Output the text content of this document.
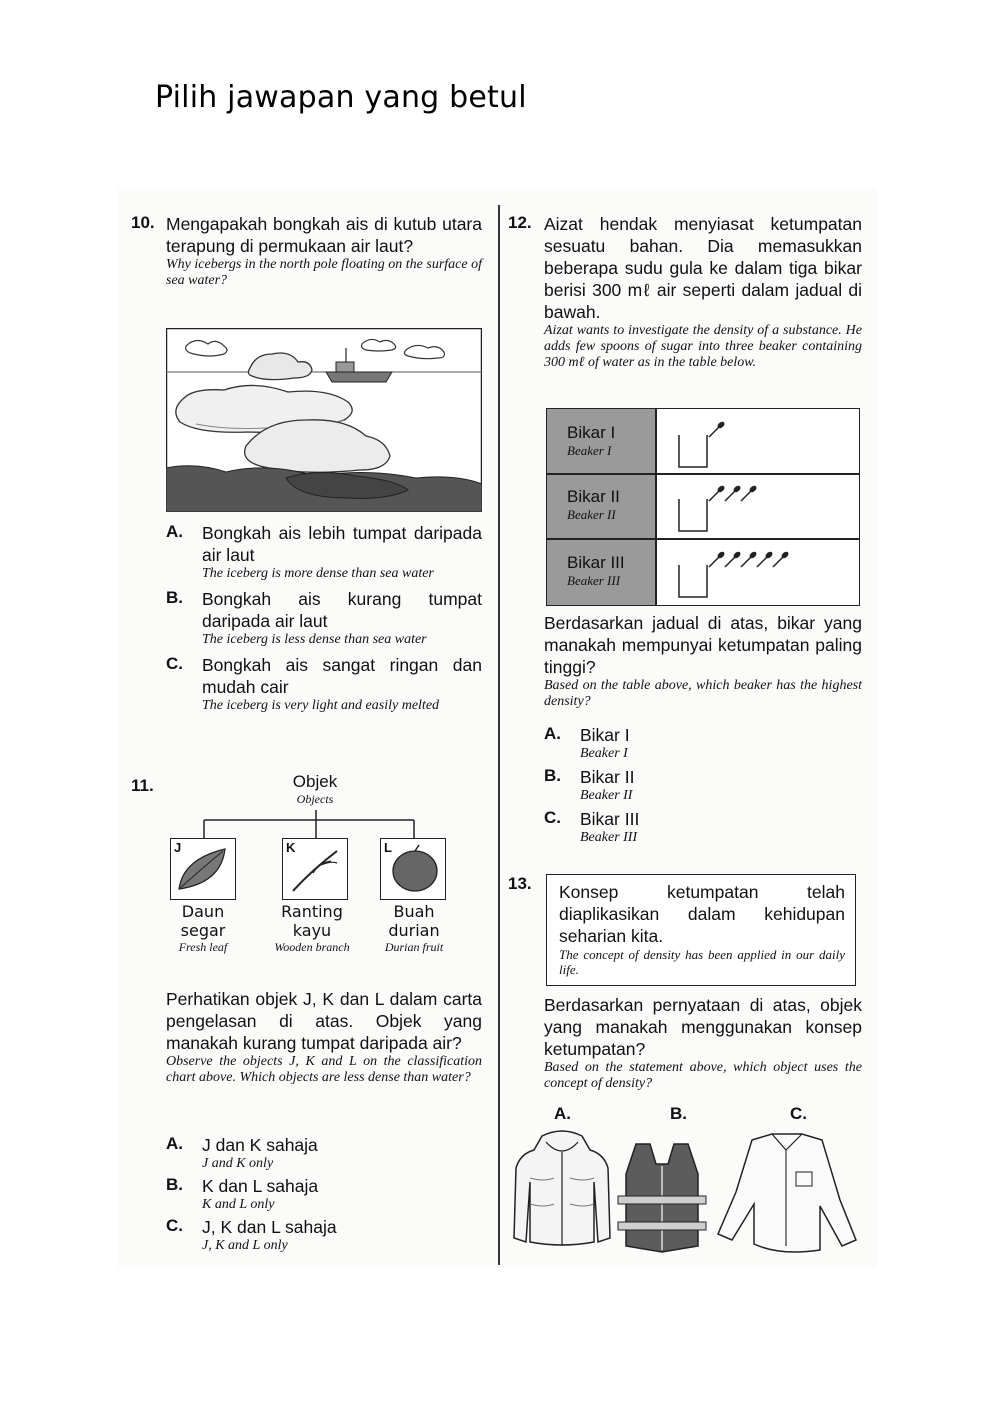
Pilih jawapan yang betul
10. Mengapakah bongkah ais di kutub utara terapung di permukaan air laut?
Why icebergs in the north pole floating on the surface of sea water?
A. Bongkah ais lebih tumpat daripada air laut
The iceberg is more dense than sea water
B. Bongkah ais kurang tumpat daripada air laut
The iceberg is less dense than sea water
C. Bongkah ais sangat ringan dan mudah cair
The iceberg is very light and easily melted
11.	Objek
Objects
J	K	L
Daun segar
Fresh leaf
Ranting kayu
Wooden branch
Buah durian
Durian fruit
Perhatikan objek J, K dan L dalam carta pengelasan di atas. Objek yang manakah kurang tumpat daripada air?
Observe the objects J, K and L on the classification chart above. Which objects are less dense than water?
A. J dan K sahaja
J and K only
B. K dan L sahaja
K and L only
C. J, K dan L sahaja
J, K and L only
12. Aizat hendak menyiasat ketumpatan sesuatu bahan. Dia memasukkan beberapa sudu gula ke dalam tiga bikar berisi 300 mℓ air seperti dalam jadual di bawah.
Aizat wants to investigate the density of a substance. He adds few spoons of sugar into three beaker containing 300 mℓ of water as in the table below.
Bikar I
Beaker I
Bikar II
Beaker II
Bikar III
Beaker III
Berdasarkan jadual di atas, bikar yang manakah mempunyai ketumpatan paling tinggi?
Based on the table above, which beaker has the highest density?
A. Bikar I
Beaker I
B. Bikar II
Beaker II
C. Bikar III
Beaker III
13. Konsep ketumpatan telah diaplikasikan dalam kehidupan seharian kita.
The concept of density has been applied in our daily life.
Berdasarkan pernyataan di atas, objek yang manakah menggunakan konsep ketumpatan?
Based on the statement above, which object uses the concept of density?
A.	B.	C.
